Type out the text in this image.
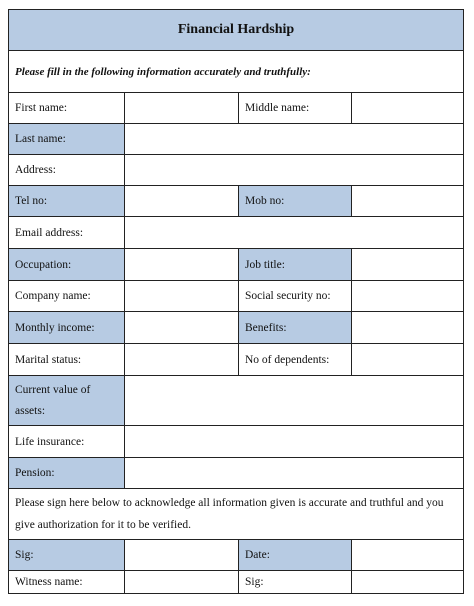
Financial Hardship
Please fill in the following information accurately and truthfully:
First name:	Middle name:
Last name:
Address:
Tel no:	Mob no:
Email address:
Occupation:	Job title:
Company name:	Social security no:
Monthly income:	Benefits:
Marital status:	No of dependents:
Current value of
assets:
Life insurance:
Pension:
Please sign here below to acknowledge all information given is accurate and truthful and you give authorization for it to be verified.
Sig:	Date:
Witness name:	Sig:
